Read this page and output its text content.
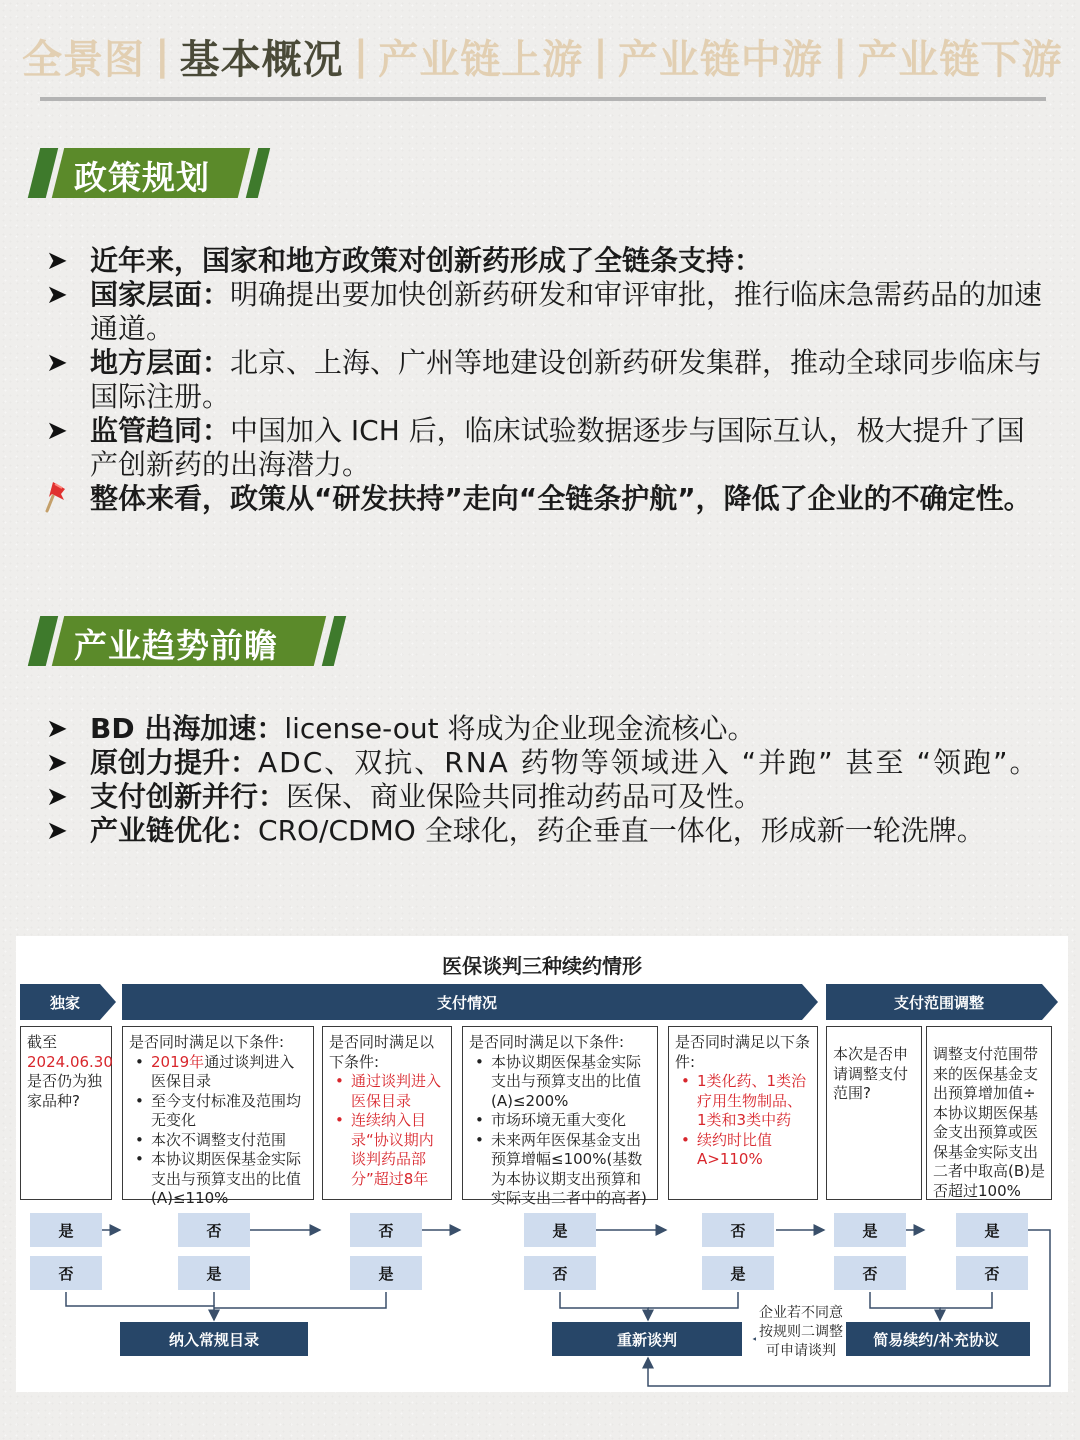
全景图 | 基本概况 | 产业链上游 | 产业链中游 | 产业链下游
政策规划
➤ 近年来，国家和地方政策对创新药形成了全链条支持：
➤ 国家层面：明确提出要加快创新药研发和审评审批，推行临床急需药品的加速通道。
➤ 地方层面：北京、上海、广州等地建设创新药研发集群，推动全球同步临床与国际注册。
➤ 监管趋同：中国加入 ICH 后，临床试验数据逐步与国际互认，极大提升了国产创新药的出海潜力。
整体来看，政策从“研发扶持”走向“全链条护航”，降低了企业的不确定性。
产业趋势前瞻
➤ BD 出海加速：license-out 将成为企业现金流核心。
➤ 原创力提升：ADC、双抗、RNA 药物等领域进入 “并跑” 甚至 “领跑”。
➤ 支付创新并行：医保、商业保险共同推动药品可及性。
➤ 产业链优化：CRO/CDMO 全球化，药企垂直一体化，形成新一轮洗牌。
医保谈判三种续约情形
独家	支付情况	支付范围调整
截至2024.06.30是否仍为独家品种?
是否同时满足以下条件:
• 2019年通过谈判进入医保目录
• 至今支付标准及范围均无变化
• 本次不调整支付范围
• 本协议期医保基金实际支出与预算支出的比值(A)≤110%
是否同时满足以下条件:
• 通过谈判进入医保目录
• 连续纳入目录“协议期内谈判药品部分”超过8年
是否同时满足以下条件:
• 本协议期医保基金实际支出与预算支出的比值(A)≤200%
• 市场环境无重大变化
• 未来两年医保基金支出预算增幅≤100%(基数为本协议期支出预算和实际支出二者中的高者)
是否同时满足以下条件:
• 1类化药、1类治疗用生物制品、1类和3类中药
• 续约时比值A>110%
本次是否申请调整支付范围?
调整支付范围带来的医保基金支出预算增加值÷本协议期医保基金支出预算或医保基金实际支出二者中取高(B)是否超过100%
是
否
否
是
否
是
是
否
否
是
是
否
是
否
纳入常规目录	重新谈判	简易续约/补充协议
企业若不同意按规则二调整可申请谈判
